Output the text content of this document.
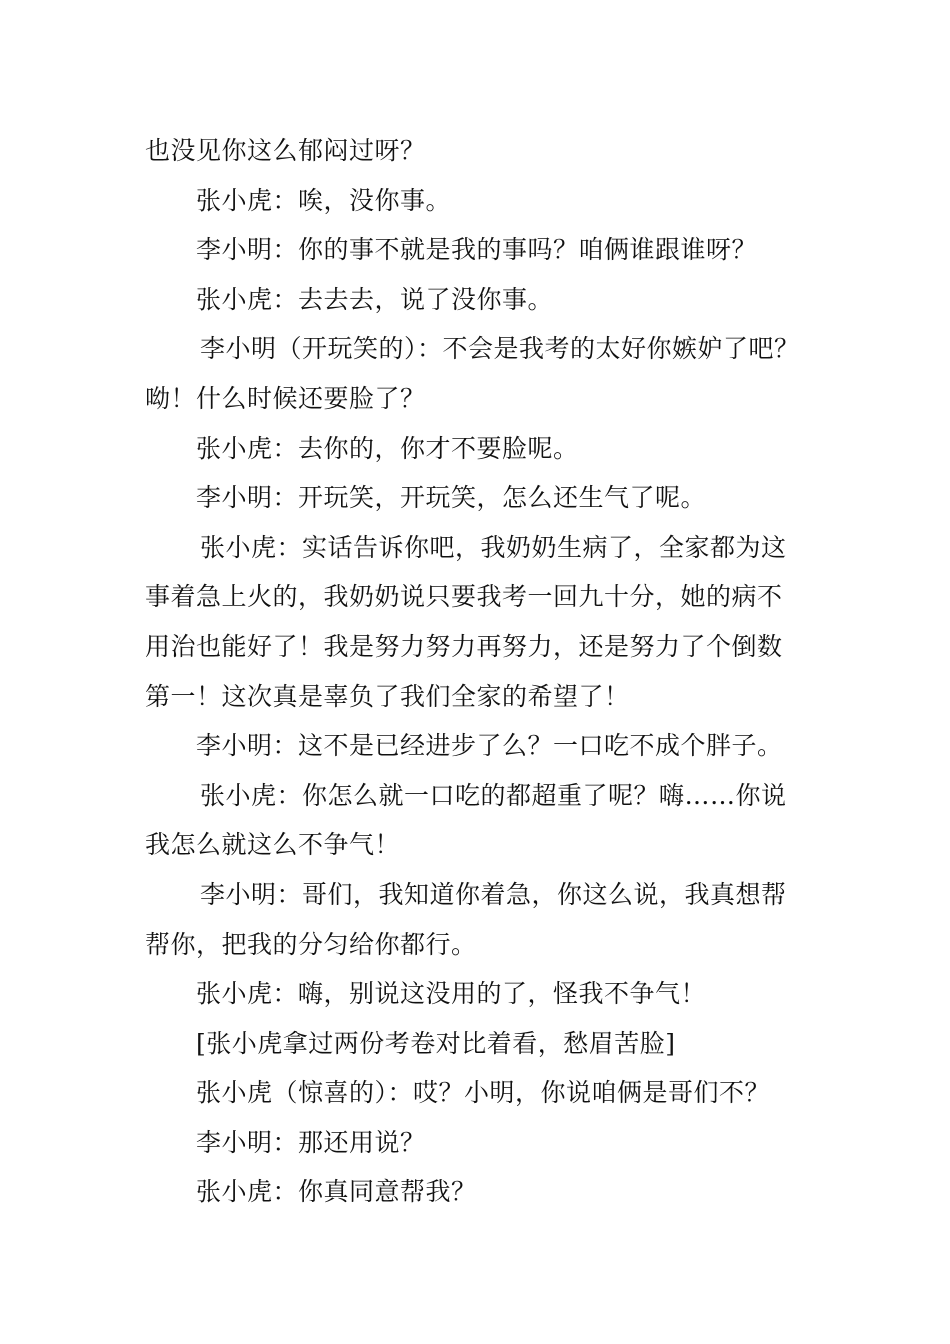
也没见你这么郁闷过呀？
张小虎：唉，没你事。
李小明：你的事不就是我的事吗？咱俩谁跟谁呀？
张小虎：去去去，说了没你事。
李小明（开玩笑的）：不会是我考的太好你嫉妒了吧？
呦！什么时候还要脸了？
张小虎：去你的，你才不要脸呢。
李小明：开玩笑，开玩笑，怎么还生气了呢。
张小虎：实话告诉你吧，我奶奶生病了，全家都为这
事着急上火的，我奶奶说只要我考一回九十分，她的病不
用治也能好了！我是努力努力再努力，还是努力了个倒数
第一！这次真是辜负了我们全家的希望了！
李小明：这不是已经进步了么？一口吃不成个胖子。
张小虎：你怎么就一口吃的都超重了呢？嗨……你说
我怎么就这么不争气！
李小明：哥们，我知道你着急，你这么说，我真想帮
帮你，把我的分匀给你都行。
张小虎：嗨，别说这没用的了，怪我不争气！
[张小虎拿过两份考卷对比着看，愁眉苦脸]
张小虎（惊喜的）：哎？小明，你说咱俩是哥们不？
李小明：那还用说？
张小虎：你真同意帮我？
